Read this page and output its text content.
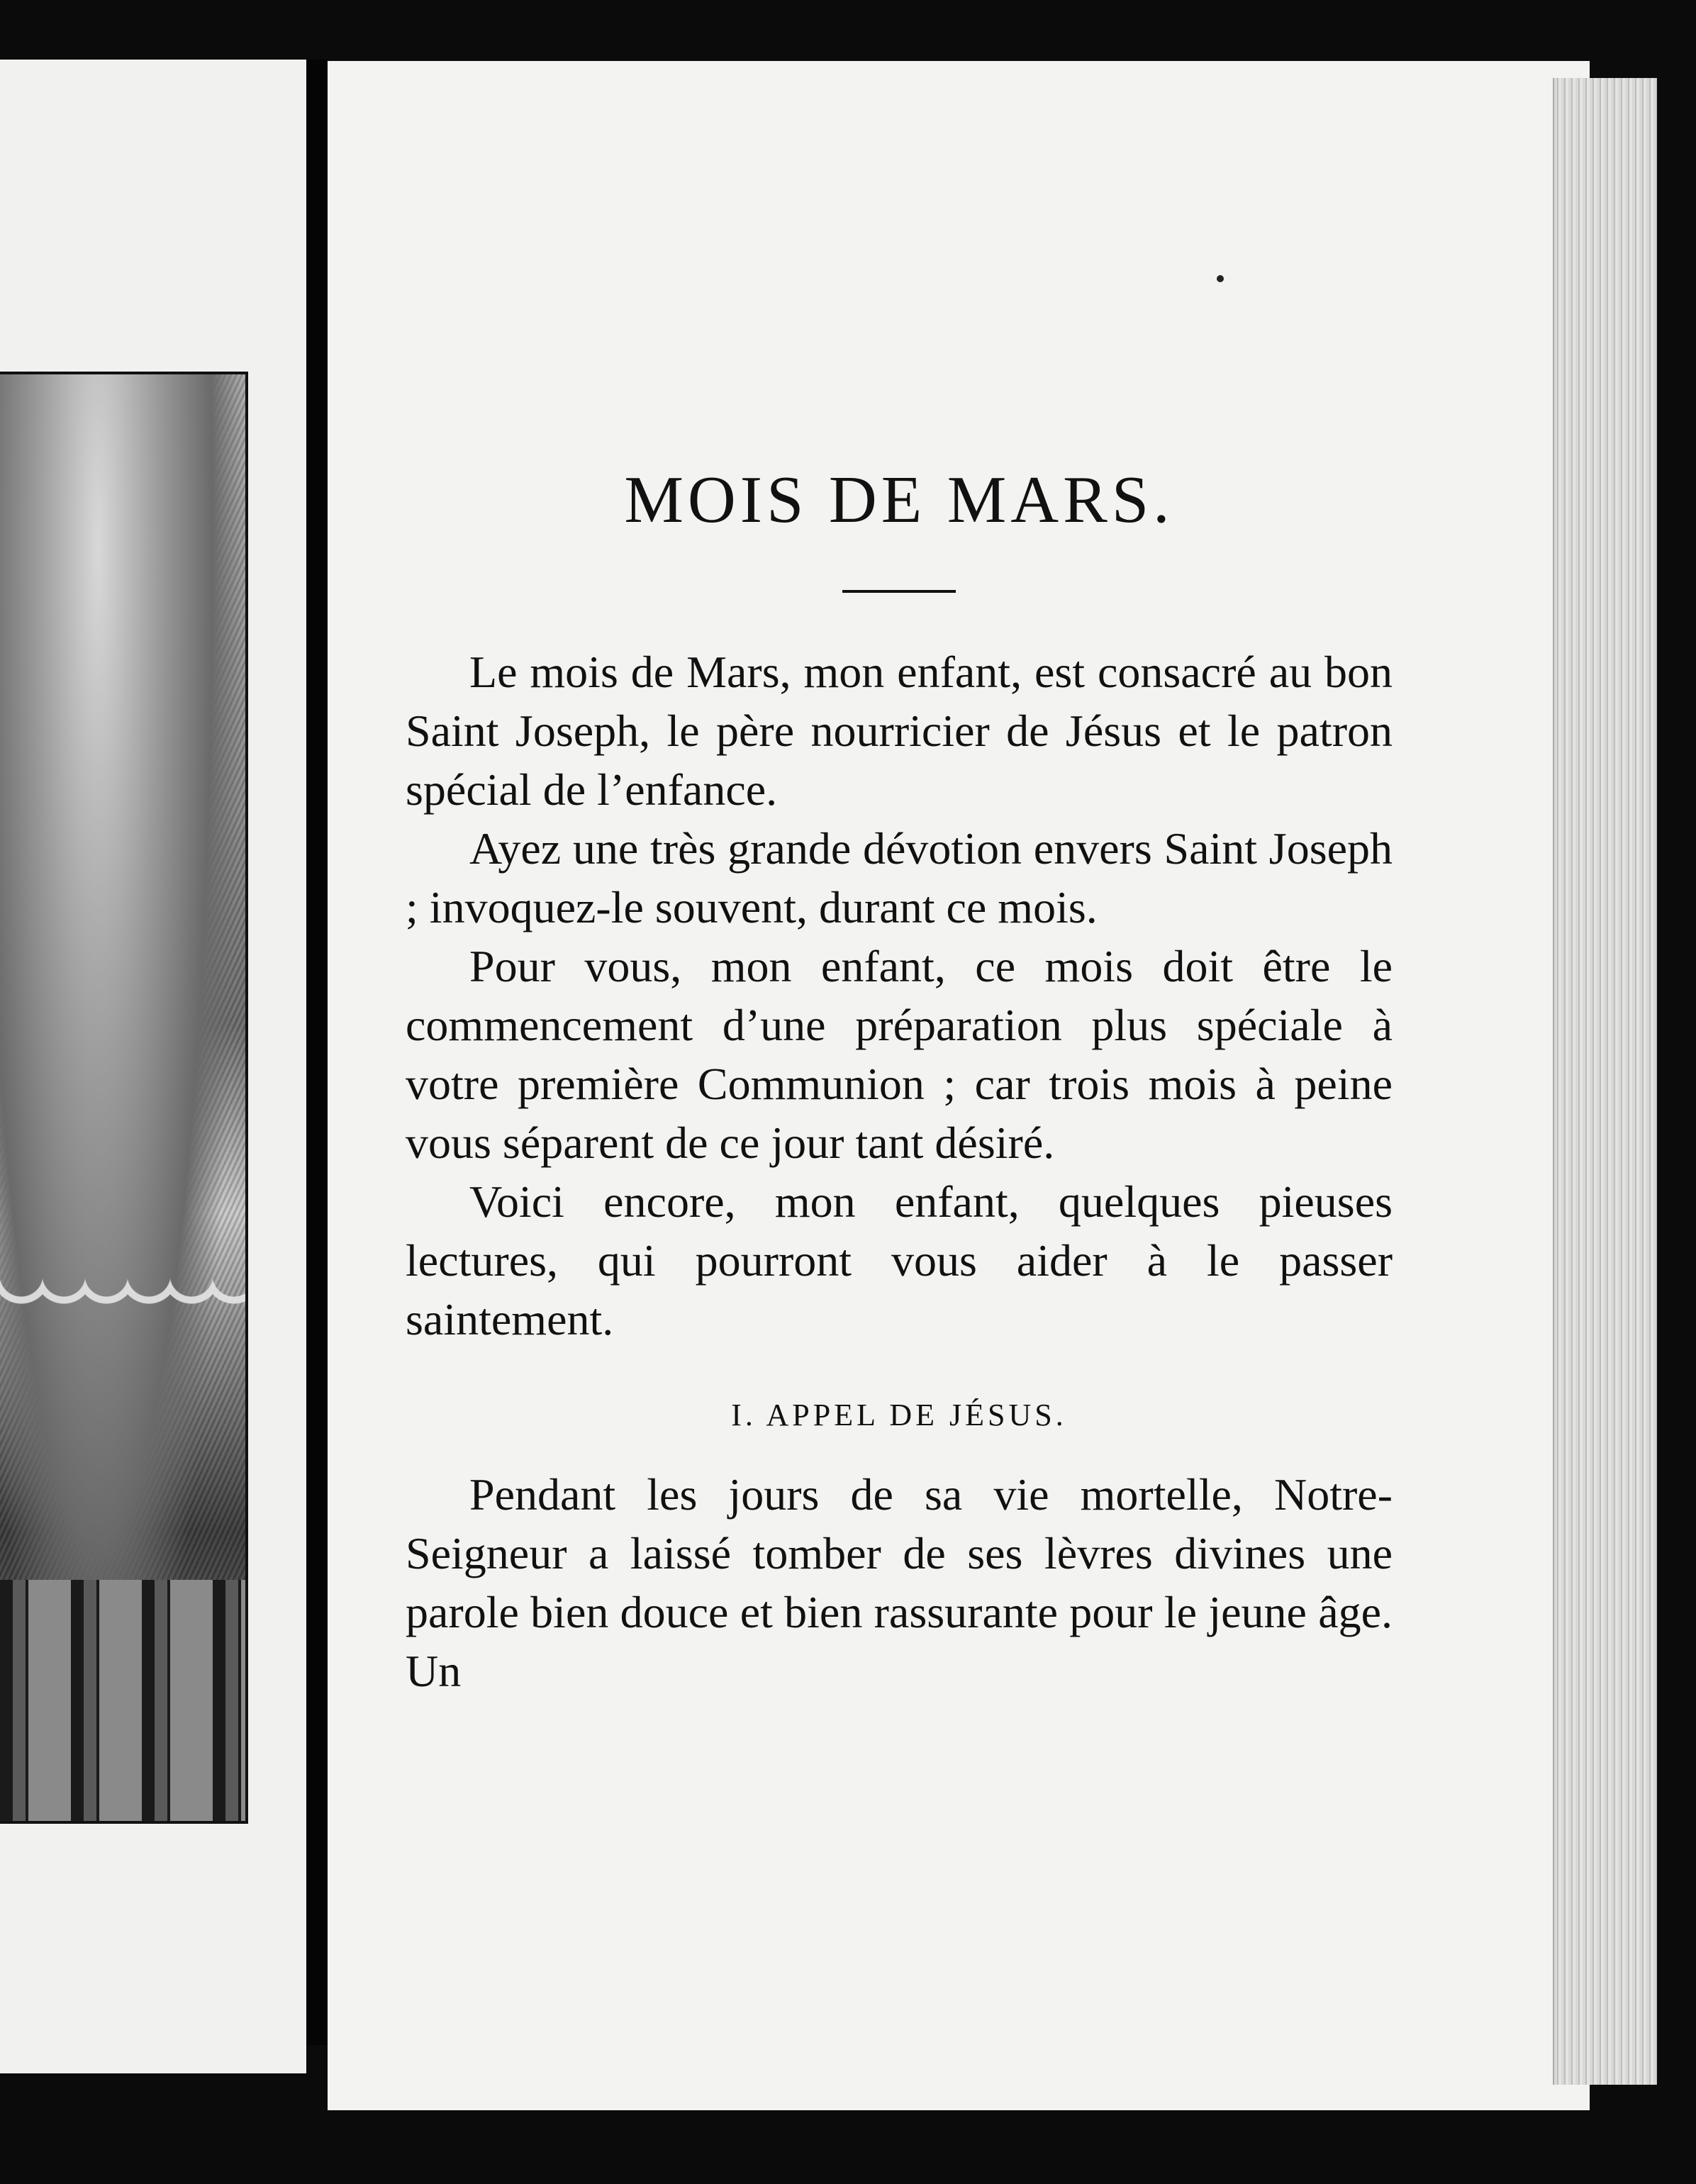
MOIS DE MARS.

Le mois de Mars, mon enfant, est consacré au bon Saint Joseph, le père nourricier de Jésus et le patron spécial de l’enfance.

Ayez une très grande dévotion envers Saint Joseph ; invoquez-le souvent, durant ce mois.

Pour vous, mon enfant, ce mois doit être le commencement d’une préparation plus spéciale à votre première Communion ; car trois mois à peine vous séparent de ce jour tant désiré.

Voici encore, mon enfant, quelques pieuses lectures, qui pourront vous aider à le passer saintement.

I. APPEL DE JÉSUS.

Pendant les jours de sa vie mortelle, Notre-Seigneur a laissé tomber de ses lèvres divines une parole bien douce et bien rassurante pour le jeune âge. Un
